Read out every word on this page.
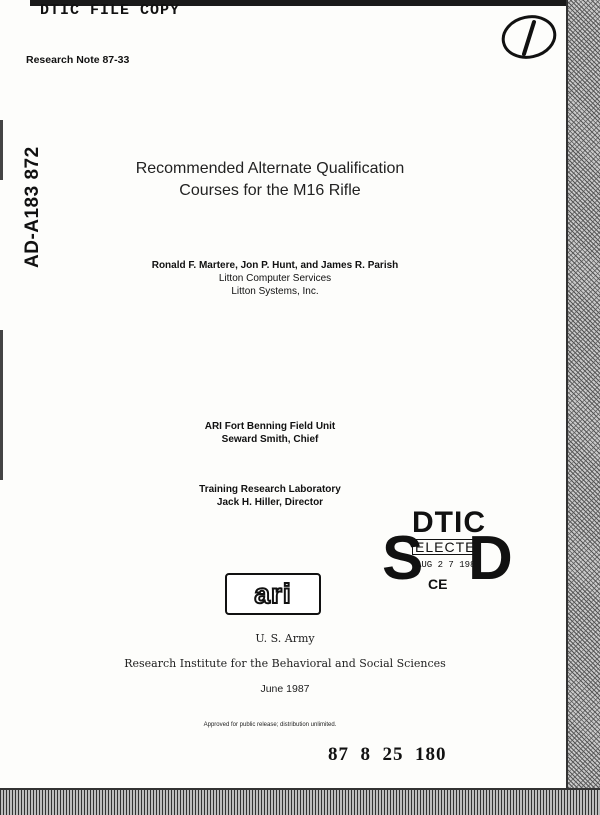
DTIC FILE COPY
Research Note 87-33
AD-A183 872	Recommended Alternate Qualification
Courses for the M16 Rifle
Ronald F. Martere, Jon P. Hunt, and James R. Parish
Litton Computer Services
Litton Systems, Inc.
ARI Fort Benning Field Unit
Seward Smith, Chief
Training Research Laboratory
Jack H. Hiller, Director
DTIC
S
ELECTE
AUG 2 7 1987
D
CE
ari
U. S. Army
Research Institute for the Behavioral and Social Sciences
June 1987
Approved for public release; distribution unlimited.
87  8  25  180
